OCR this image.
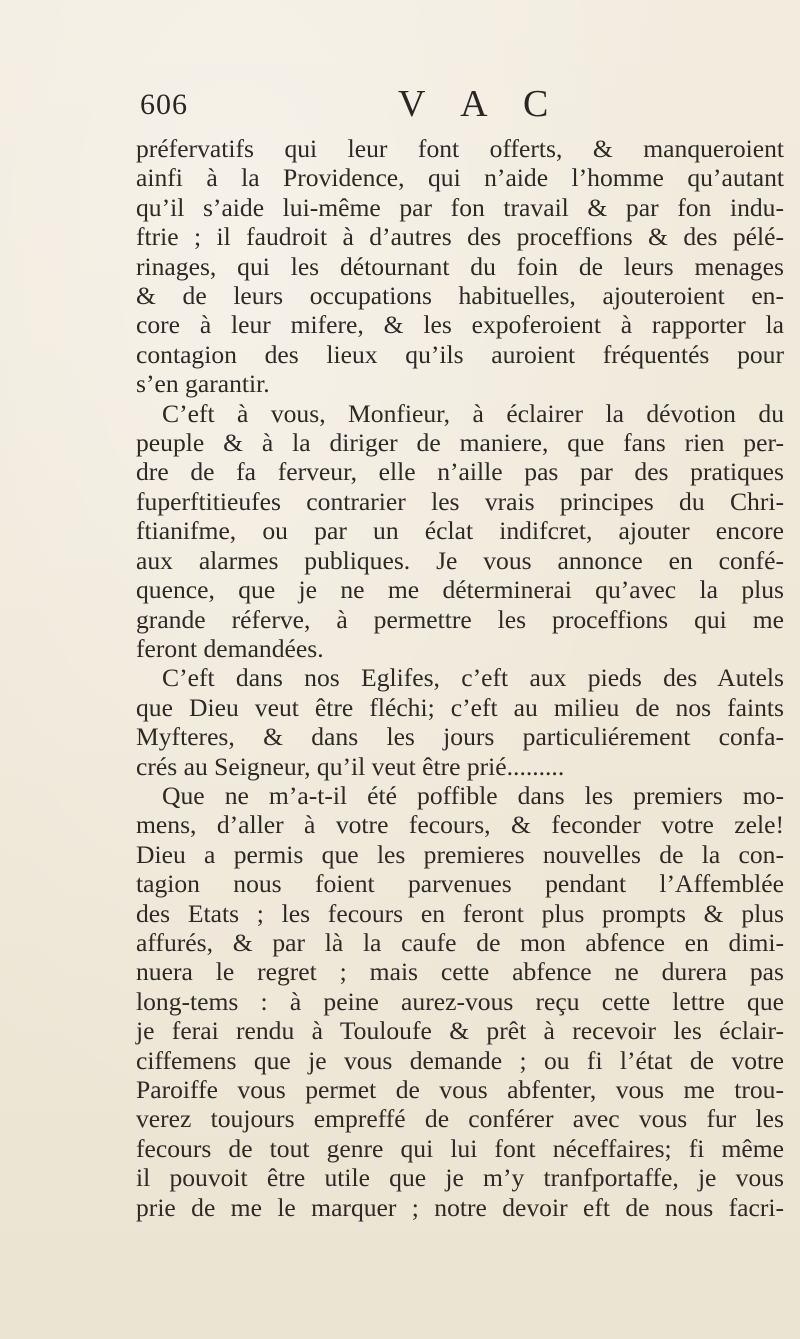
606	V A C
préfervatifs qui leur font offerts, & manqueroient
ainfi à la Providence, qui n’aide l’homme qu’autant
qu’il s’aide lui-même par fon travail & par fon indu-
ftrie ; il faudroit à d’autres des proceffions & des pélé-
rinages, qui les détournant du foin de leurs menages
& de leurs occupations habituelles, ajouteroient en-
core à leur mifere, & les expoferoient à rapporter la
contagion des lieux qu’ils auroient fréquentés pour
s’en garantir.
C’eft à vous, Monfieur, à éclairer la dévotion du
peuple & à la diriger de maniere, que fans rien per-
dre de fa ferveur, elle n’aille pas par des pratiques
fuperftitieufes contrarier les vrais principes du Chri-
ftianifme, ou par un éclat indifcret, ajouter encore
aux alarmes publiques. Je vous annonce en confé-
quence, que je ne me déterminerai qu’avec la plus
grande réferve, à permettre les proceffions qui me
feront demandées.
C’eft dans nos Eglifes, c’eft aux pieds des Autels
que Dieu veut être fléchi; c’eft au milieu de nos faints
Myfteres, & dans les jours particuliérement confa-
crés au Seigneur, qu’il veut être prié.........
Que ne m’a-t-il été poffible dans les premiers mo-
mens, d’aller à votre fecours, & feconder votre zele!
Dieu a permis que les premieres nouvelles de la con-
tagion nous foient parvenues pendant l’Affemblée
des Etats ; les fecours en feront plus prompts & plus
affurés, & par là la caufe de mon abfence en dimi-
nuera le regret ; mais cette abfence ne durera pas
long-tems : à peine aurez-vous reçu cette lettre que
je ferai rendu à Touloufe & prêt à recevoir les éclair-
ciffemens que je vous demande ; ou fi l’état de votre
Paroiffe vous permet de vous abfenter, vous me trou-
verez toujours empreffé de conférer avec vous fur les
fecours de tout genre qui lui font néceffaires; fi même
il pouvoit être utile que je m’y tranfportaffe, je vous
prie de me le marquer ; notre devoir eft de nous facri-
